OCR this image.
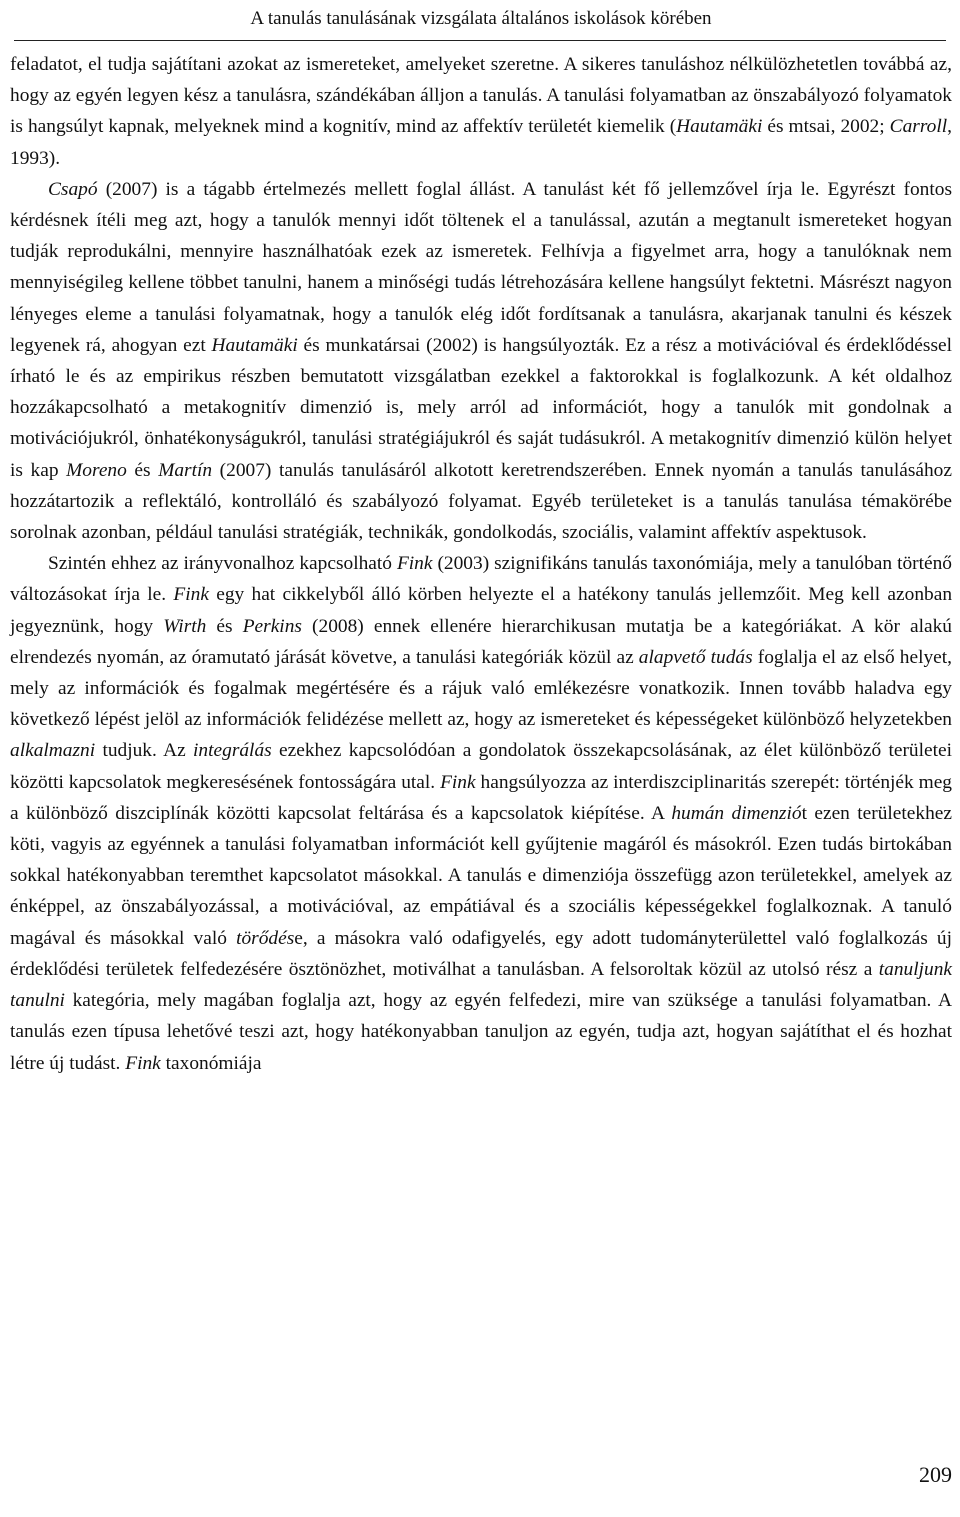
A tanulás tanulásának vizsgálata általános iskolások körében

feladatot, el tudja sajátítani azokat az ismereteket, amelyeket szeretne. A sikeres tanuláshoz nélkülözhetetlen továbbá az, hogy az egyén legyen kész a tanulásra, szándékában álljon a tanulás. A tanulási folyamatban az önszabályozó folyamatok is hangsúlyt kapnak, melyeknek mind a kognitív, mind az affektív területét kiemelik (Hautamäki és mtsai, 2002; Carroll, 1993).

Csapó (2007) is a tágabb értelmezés mellett foglal állást. A tanulást két fő jellemzővel írja le. Egyrészt fontos kérdésnek ítéli meg azt, hogy a tanulók mennyi időt töltenek el a tanulással, azután a megtanult ismereteket hogyan tudják reprodukálni, mennyire használhatóak ezek az ismeretek. Felhívja a figyelmet arra, hogy a tanulóknak nem mennyiségileg kellene többet tanulni, hanem a minőségi tudás létrehozására kellene hangsúlyt fektetni. Másrészt nagyon lényeges eleme a tanulási folyamatnak, hogy a tanulók elég időt fordítsanak a tanulásra, akarjanak tanulni és készek legyenek rá, ahogyan ezt Hautamäki és munkatársai (2002) is hangsúlyozták. Ez a rész a motivációval és érdeklődéssel írható le és az empirikus részben bemutatott vizsgálatban ezekkel a faktorokkal is foglalkozunk. A két oldalhoz hozzákapcsolható a metakognitív dimenzió is, mely arról ad információt, hogy a tanulók mit gondolnak a motivációjukról, önhatékonyságukról, tanulási stratégiájukról és saját tudásukról. A metakognitív dimenzió külön helyet is kap Moreno és Martín (2007) tanulás tanulásáról alkotott keretrendszerében. Ennek nyomán a tanulás tanulásához hozzátartozik a reflektáló, kontrolláló és szabályozó folyamat. Egyéb területeket is a tanulás tanulása témakörébe sorolnak azonban, például tanulási stratégiák, technikák, gondolkodás, szociális, valamint affektív aspektusok.

Szintén ehhez az irányvonalhoz kapcsolható Fink (2003) szignifikáns tanulás taxonómiája, mely a tanulóban történő változásokat írja le. Fink egy hat cikkelyből álló körben helyezte el a hatékony tanulás jellemzőit. Meg kell azonban jegyeznünk, hogy Wirth és Perkins (2008) ennek ellenére hierarchikusan mutatja be a kategóriákat. A kör alakú elrendezés nyomán, az óramutató járását követve, a tanulási kategóriák közül az alapvető tudás foglalja el az első helyet, mely az információk és fogalmak megértésére és a rájuk való emlékezésre vonatkozik. Innen tovább haladva egy következő lépést jelöl az információk felidézése mellett az, hogy az ismereteket és képességeket különböző helyzetekben alkalmazni tudjuk. Az integrálás ezekhez kapcsolódóan a gondolatok összekapcsolásának, az élet különböző területei közötti kapcsolatok megkeresésének fontosságára utal. Fink hangsúlyozza az interdiszciplinaritás szerepét: történjék meg a különböző diszciplínák közötti kapcsolat feltárása és a kapcsolatok kiépítése. A humán dimenziót ezen területekhez köti, vagyis az egyénnek a tanulási folyamatban információt kell gyűjtenie magáról és másokról. Ezen tudás birtokában sokkal hatékonyabban teremthet kapcsolatot másokkal. A tanulás e dimenziója összefügg azon területekkel, amelyek az énképpel, az önszabályozással, a motivációval, az empátiával és a szociális képességekkel foglalkoznak. A tanuló magával és másokkal való törődése, a másokra való odafigyelés, egy adott tudományterülettel való foglalkozás új érdeklődési területek felfedezésére ösztönözhet, motiválhat a tanulásban. A felsoroltak közül az utolsó rész a tanuljunk tanulni kategória, mely magában foglalja azt, hogy az egyén felfedezi, mire van szüksége a tanulási folyamatban. A tanulás ezen típusa lehetővé teszi azt, hogy hatékonyabban tanuljon az egyén, tudja azt, hogyan sajátíthat el és hozhat létre új tudást. Fink taxonómiája

209
